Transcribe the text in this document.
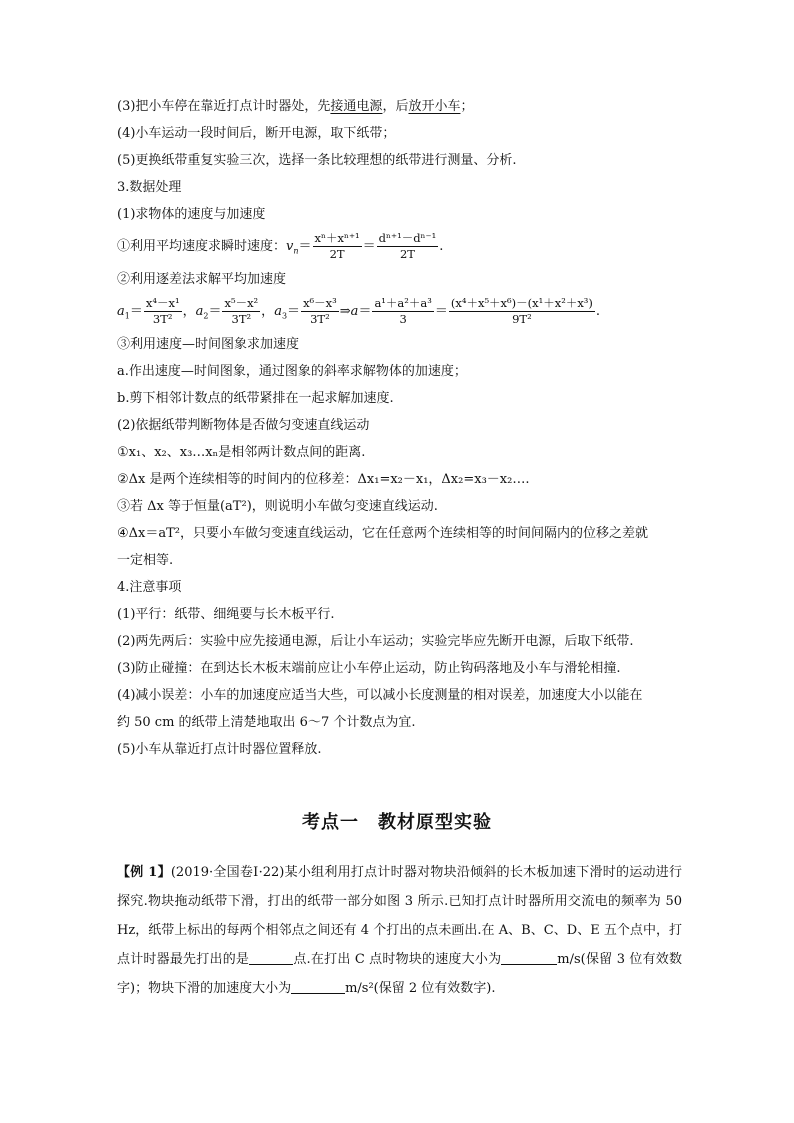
(3)把小车停在靠近打点计时器处，先接通电源，后放开小车；
(4)小车运动一段时间后，断开电源，取下纸带；
(5)更换纸带重复实验三次，选择一条比较理想的纸带进行测量、分析.
3.数据处理
(1)求物体的速度与加速度
①利用平均速度求瞬时速度：$v_n= \frac{\text{xⁿ＋xⁿ⁺¹}}{2T} = \frac{\text{dⁿ⁺¹－dⁿ⁻¹}}{2T}$ .
②利用逐差法求解平均加速度
$a_1= \frac{\text{x⁴－x¹}}{\text{3T²}}$ ，$a_2= \frac{\text{x⁵－x²}}{\text{3T²}}$ ，$a_3= \frac{\text{x⁶－x³}}{\text{3T²}}$ ⇒a＝ $\frac{\text{a¹＋a²＋a³}}{3} = \frac{\text{(x⁴＋x⁵＋x⁶)－(x¹＋x²＋x³)}}{\text{9T²}}$ .
③利用速度—时间图象求加速度
a.作出速度—时间图象，通过图象的斜率求解物体的加速度；
b.剪下相邻计数点的纸带紧排在一起求解加速度.
(2)依据纸带判断物体是否做匀变速直线运动
①x₁、x₂、x₃…xₙ是相邻两计数点间的距离.
②Δx 是两个连续相等的时间内的位移差：Δx₁=x₂－x₁，Δx₂=x₃－x₂….
③若 Δx 等于恒量(aT²)，则说明小车做匀变速直线运动.
④Δx＝aT²，只要小车做匀变速直线运动，它在任意两个连续相等的时间间隔内的位移之差就
一定相等.
4.注意事项
(1)平行：纸带、细绳要与长木板平行.
(2)两先两后：实验中应先接通电源，后让小车运动；实验完毕应先断开电源，后取下纸带.
(3)防止碰撞：在到达长木板末端前应让小车停止运动，防止钩码落地及小车与滑轮相撞.
(4)减小误差：小车的加速度应适当大些，可以减小长度测量的相对误差，加速度大小以能在
约 50 cm 的纸带上清楚地取出 6～7 个计数点为宜.
(5)小车从靠近打点计时器位置释放.
考点一　教材原型实验
【例 1】(2019·全国卷Ⅰ·22)某小组利用打点计时器对物块沿倾斜的长木板加速下滑时的运动进行探究.物块拖动纸带下滑，打出的纸带一部分如图 3 所示.已知打点计时器所用交流电的频率为 50 Hz，纸带上标出的每两个相邻点之间还有 4 个打出的点未画出.在 A、B、C、D、E 五个点中，打点计时器最先打出的是	点.在打出 C 点时物块的速度大小为	m/s(保留 3 位有效数字)；物块下滑的加速度大小为	m/s²(保留 2 位有效数字).
